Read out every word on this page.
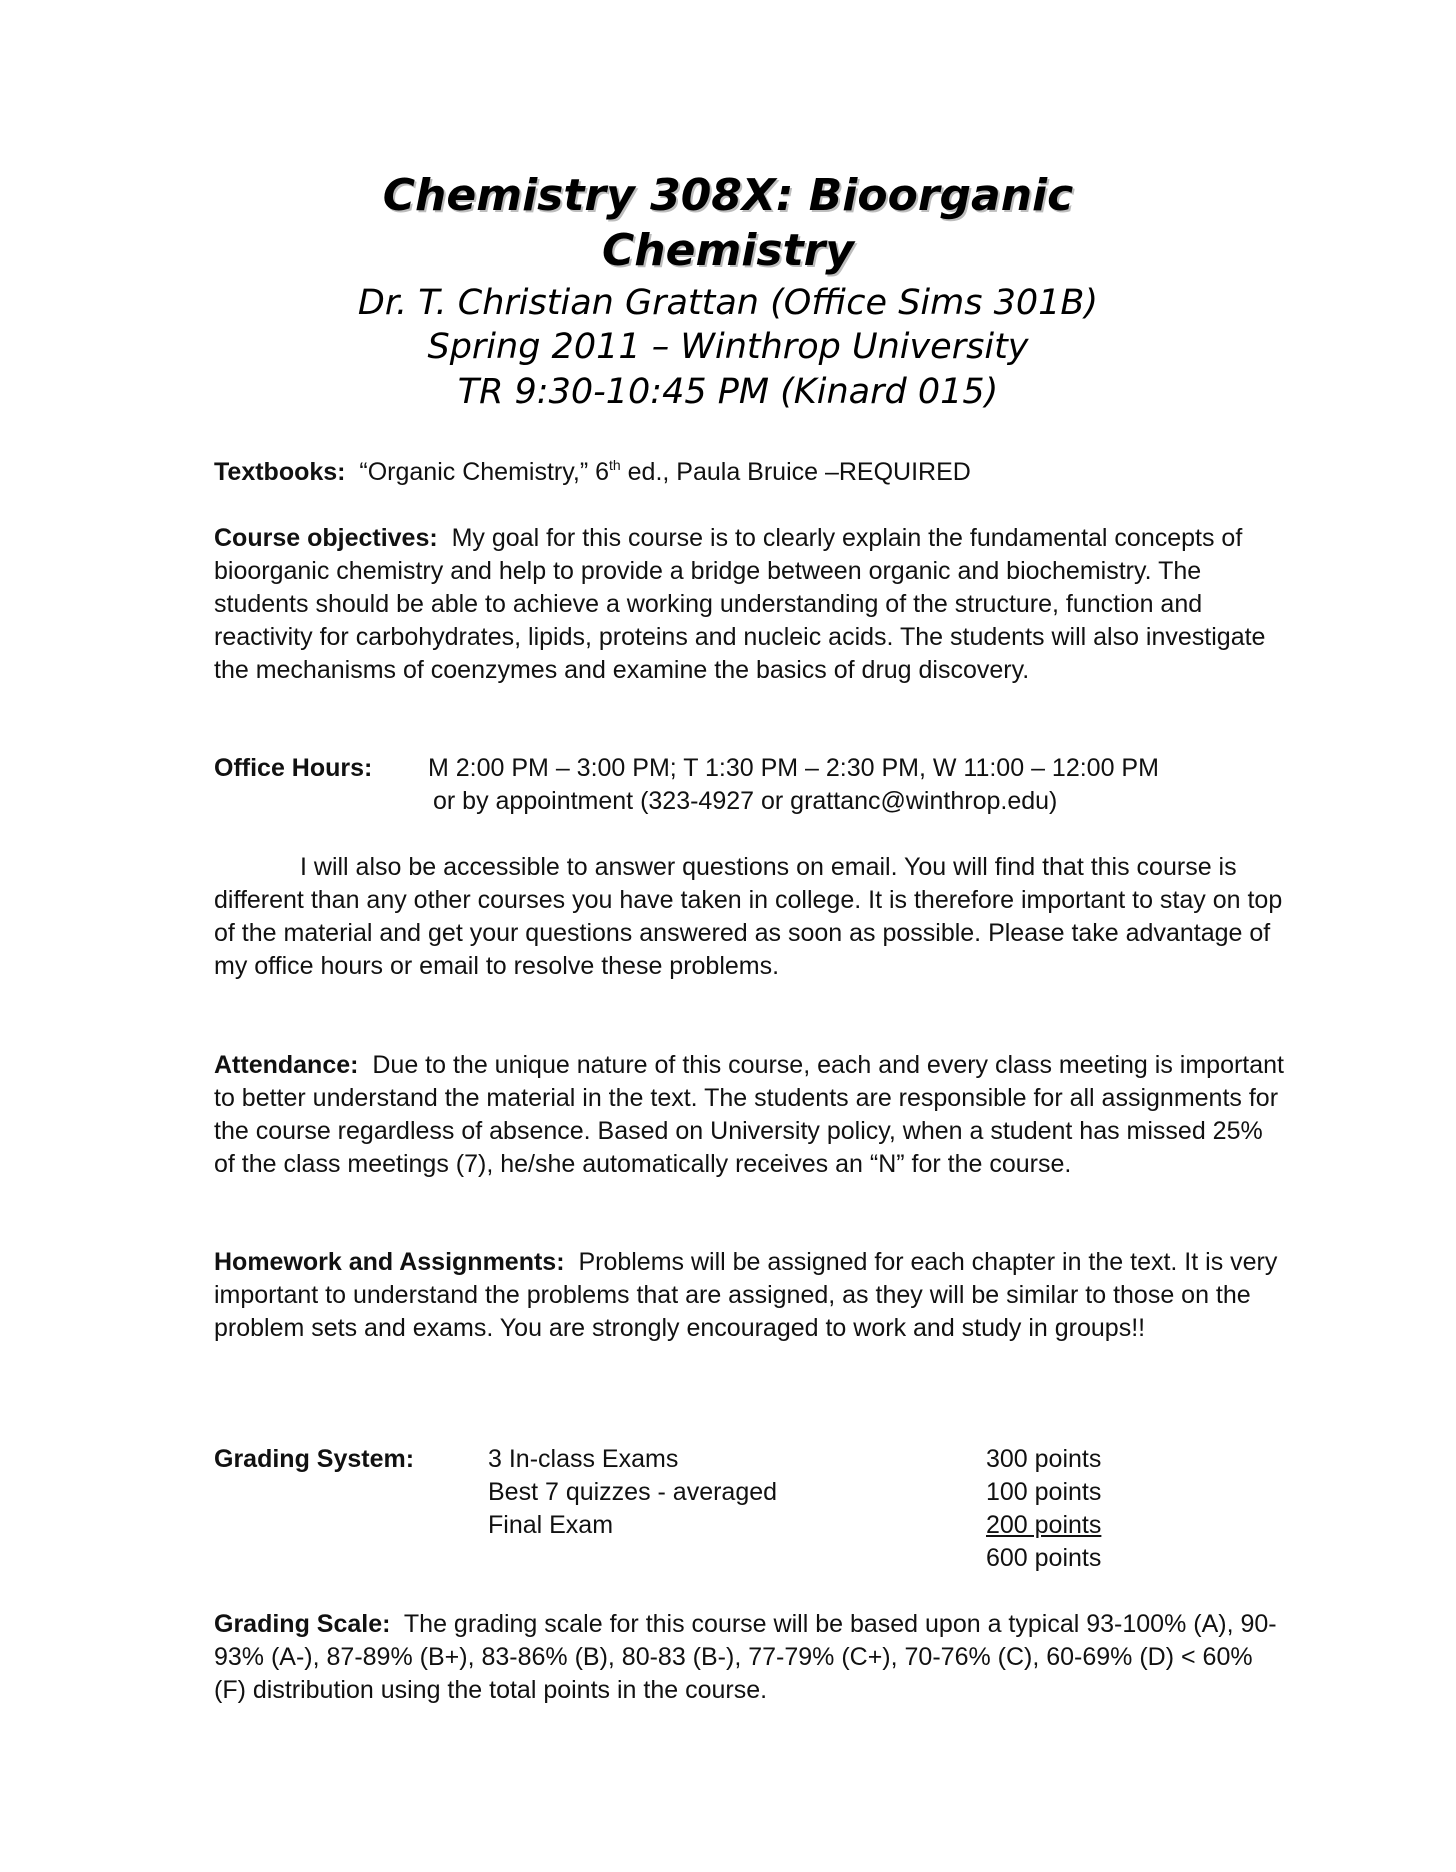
Chemistry 308X: Bioorganic
Chemistry
Dr. T. Christian Grattan (Office Sims 301B)
Spring 2011 – Winthrop University
TR 9:30-10:45 PM (Kinard 015)
Textbooks: “Organic Chemistry,” 6th ed., Paula Bruice –REQUIRED
Course objectives: My goal for this course is to clearly explain the fundamental concepts of bioorganic chemistry and help to provide a bridge between organic and biochemistry. The students should be able to achieve a working understanding of the structure, function and reactivity for carbohydrates, lipids, proteins and nucleic acids. The students will also investigate the mechanisms of coenzymes and examine the basics of drug discovery.
Office Hours: M 2:00 PM – 3:00 PM; T 1:30 PM – 2:30 PM, W 11:00 – 12:00 PM
or by appointment (323-4927 or grattanc@winthrop.edu)
I will also be accessible to answer questions on email. You will find that this course is different than any other courses you have taken in college. It is therefore important to stay on top of the material and get your questions answered as soon as possible. Please take advantage of my office hours or email to resolve these problems.
Attendance: Due to the unique nature of this course, each and every class meeting is important to better understand the material in the text. The students are responsible for all assignments for the course regardless of absence. Based on University policy, when a student has missed 25% of the class meetings (7), he/she automatically receives an “N” for the course.
Homework and Assignments: Problems will be assigned for each chapter in the text. It is very important to understand the problems that are assigned, as they will be similar to those on the problem sets and exams. You are strongly encouraged to work and study in groups!!
Grading System:	3 In-class Exams	300 points
Best 7 quizzes - averaged	100 points
Final Exam	200 points
600 points
Grading Scale: The grading scale for this course will be based upon a typical 93-100% (A), 90-93% (A-), 87-89% (B+), 83-86% (B), 80-83 (B-), 77-79% (C+), 70-76% (C), 60-69% (D) < 60%(F) distribution using the total points in the course.
